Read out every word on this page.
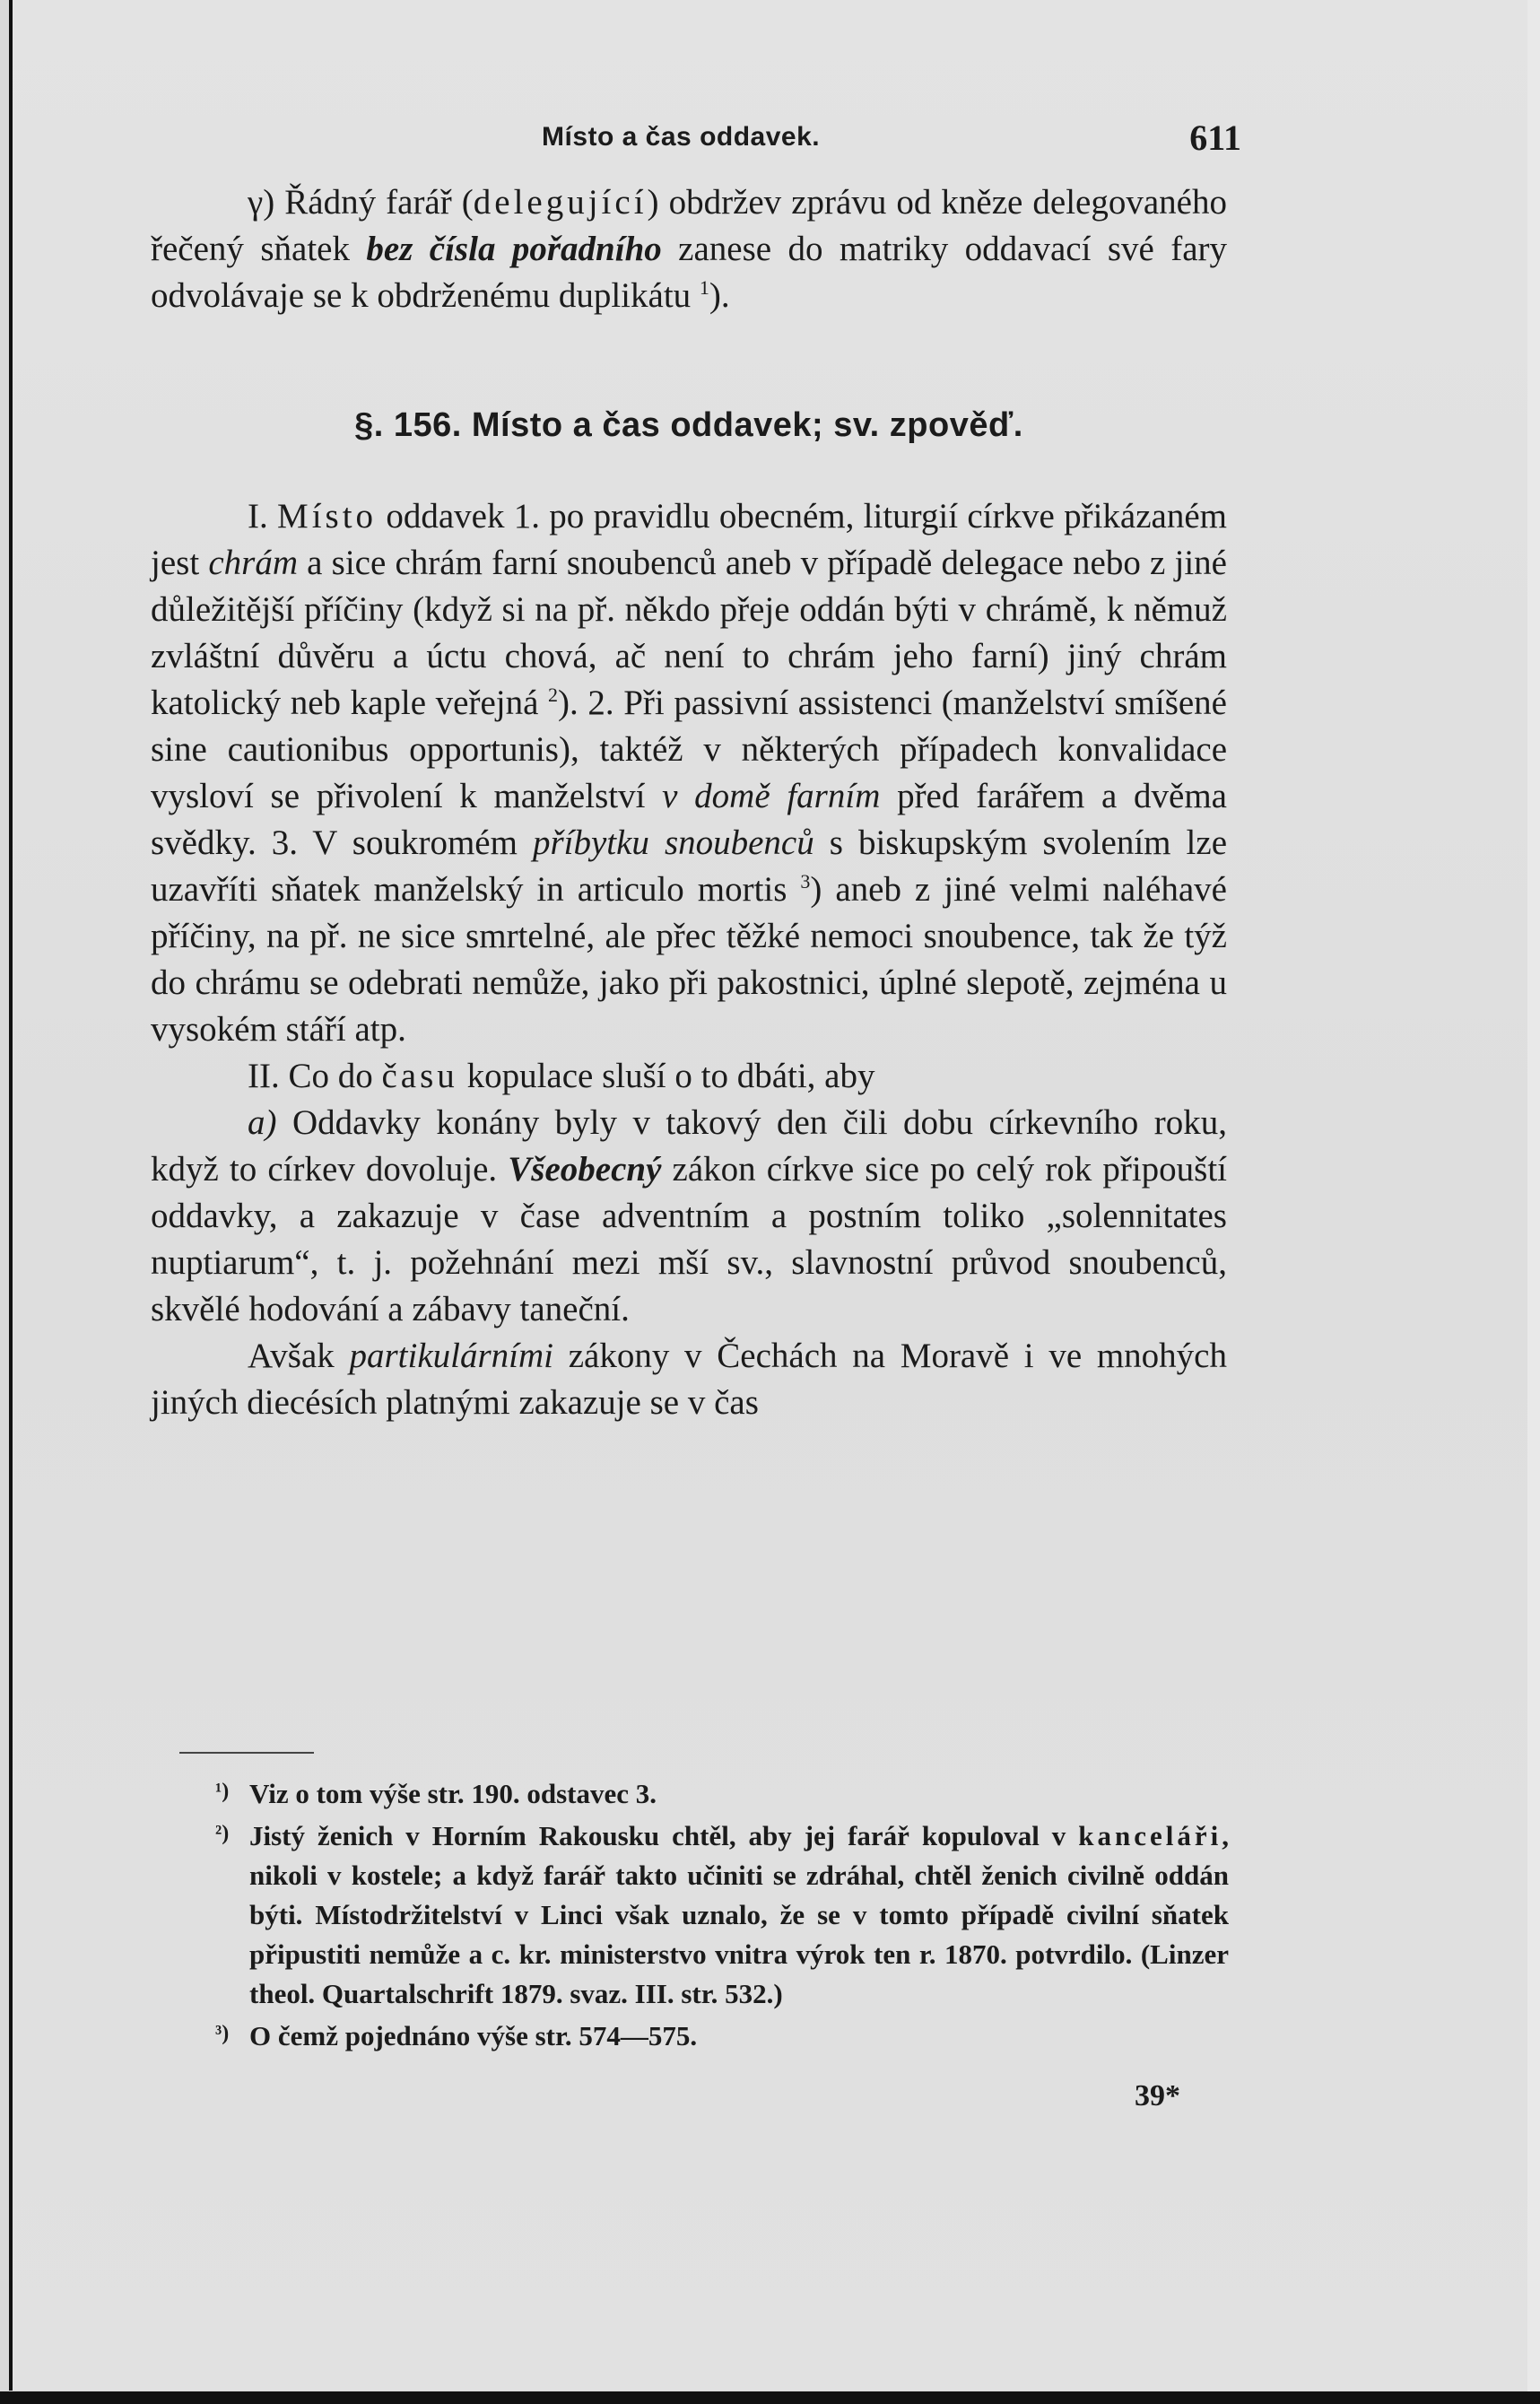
Místo a čas oddavek.	611

γ) Řádný farář (delegující) obdržev zprávu od kněze delegovaného řečený sňatek bez čísla pořadního zanese do matriky oddavací své fary odvolávaje se k obdrženému duplikátu $^1$).

§. 156. Místo a čas oddavek; sv. zpověď.

I. Místo oddavek 1. po pravidlu obecném, liturgií církve přikázaném jest chrám a sice chrám farní snoubenců aneb v případě delegace nebo z jiné důležitější příčiny (když si na př. někdo přeje oddán býti v chrámě, k němuž zvláštní důvěru a úctu chová, ač není to chrám jeho farní) jiný chrám katolický neb kaple veřejná $^2$). 2. Při passivní assistenci (manželství smíšené sine cautionibus opportunis), taktéž v některých případech konvalidace vysloví se přivolení k manželství v domě farním před farářem a dvěma svědky. 3. V soukromém příbytku snoubenců s biskupským svolením lze uzavříti sňatek manželský in articulo mortis $^3$) aneb z jiné velmi naléhavé příčiny, na př. ne sice smrtelné, ale přec těžké nemoci snoubence, tak že týž do chrámu se odebrati nemůže, jako při pakostnici, úplné slepotě, zejména u vysokém stáří atp.

II. Co do času kopulace sluší o to dbáti, aby

a) Oddavky konány byly v takový den čili dobu církevního roku, když to církev dovoluje. Všeobecný zákon církve sice po celý rok připouští oddavky, a zakazuje v čase adventním a postním toliko „solennitates nuptiarum“, t. j. požehnání mezi mší sv., slavnostní průvod snoubenců, skvělé hodování a zábavy taneční.

Avšak partikulárními zákony v Čechách na Moravě i ve mnohých jiných diecésích platnými zakazuje se v čas

¹) Viz o tom výše str. 190. odstavec 3.

²) Jistý ženich v Horním Rakousku chtěl, aby jej farář kopuloval v kanceláři, nikoli v kostele; a když farář takto učiniti se zdráhal, chtěl ženich civilně oddán býti. Místodržitelství v Linci však uznalo, že se v tomto případě civilní sňatek připustiti nemůže a c. kr. ministerstvo vnitra výrok ten r. 1870. potvrdilo. (Linzer theol. Quartalschrift 1879. svaz. III. str. 532.)

³) O čemž pojednáno výše str. 574—575.

39*
